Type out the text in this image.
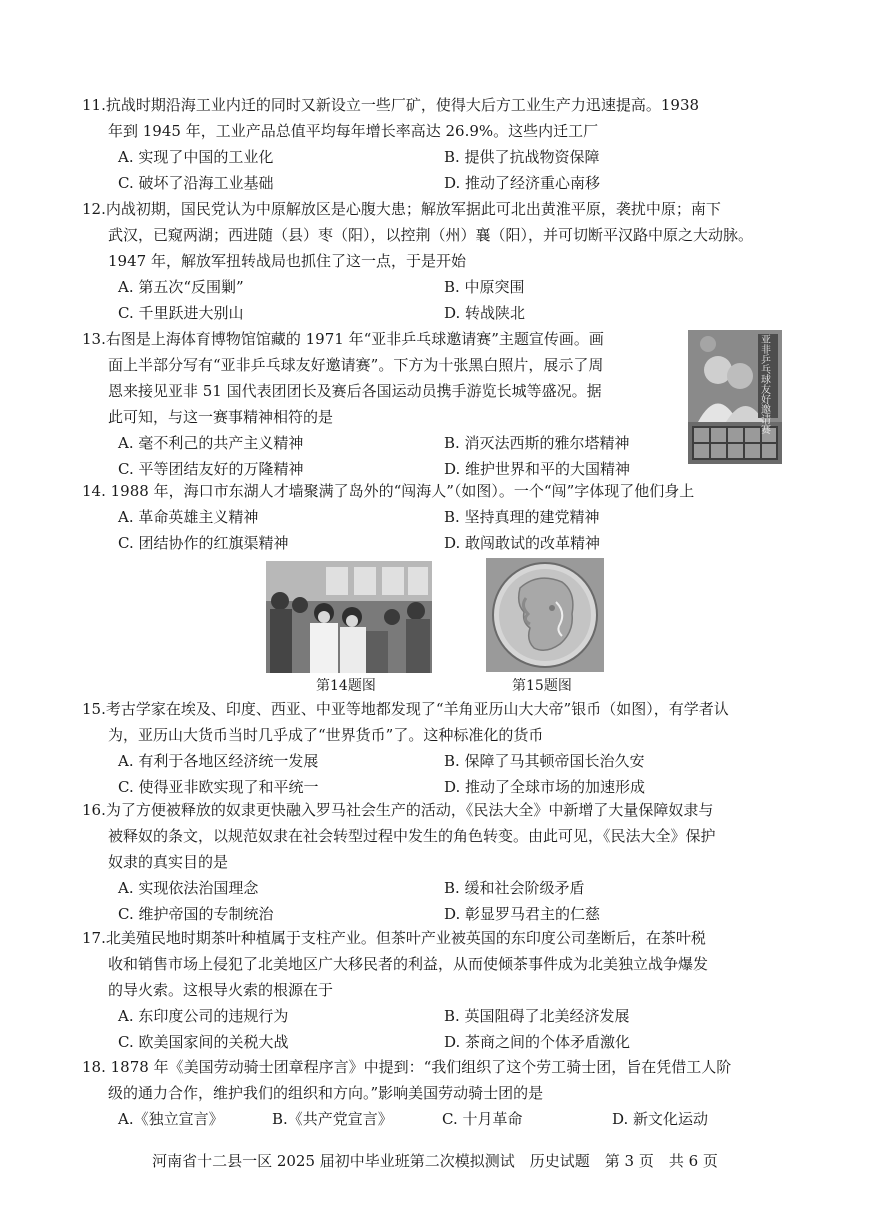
11.抗战时期沿海工业内迁的同时又新设立一些厂矿，使得大后方工业生产力迅速提高。1938
年到 1945 年，工业产品总值平均每年增长率高达 26.9%。这些内迁工厂
A. 实现了中国的工业化	B. 提供了抗战物资保障
C. 破坏了沿海工业基础	D. 推动了经济重心南移
12.内战初期，国民党认为中原解放区是心腹大患；解放军据此可北出黄淮平原，袭扰中原；南下
武汉，已窥两湖；西进随（县）枣（阳），以控荆（州）襄（阳），并可切断平汉路中原之大动脉。
1947 年，解放军扭转战局也抓住了这一点，于是开始
A. 第五次“反围剿”	B. 中原突围
C. 千里跃进大别山	D. 转战陕北
13.右图是上海体育博物馆馆藏的 1971 年“亚非乒乓球邀请赛”主题宣传画。画
面上半部分写有“亚非乒乓球友好邀请赛”。下方为十张黑白照片，展示了周
恩来接见亚非 51 国代表团团长及赛后各国运动员携手游览长城等盛况。据
此可知，与这一赛事精神相符的是
A. 毫不利己的共产主义精神	B. 消灭法西斯的雅尔塔精神
C. 平等团结友好的万隆精神	D. 维护世界和平的大国精神
亚非乒乓球友好邀请赛
14. 1988 年，海口市东湖人才墙聚满了岛外的“闯海人”（如图）。一个“闯”字体现了他们身上
A. 革命英雄主义精神	B. 坚持真理的建党精神
C. 团结协作的红旗渠精神	D. 敢闯敢试的改革精神
第14题图	第15题图
15.考古学家在埃及、印度、西亚、中亚等地都发现了“羊角亚历山大大帝”银币（如图），有学者认
为，亚历山大货币当时几乎成了“世界货币”了。这种标准化的货币
A. 有利于各地区经济统一发展	B. 保障了马其顿帝国长治久安
C. 使得亚非欧实现了和平统一	D. 推动了全球市场的加速形成
16.为了方便被释放的奴隶更快融入罗马社会生产的活动，《民法大全》中新增了大量保障奴隶与
被释奴的条文，以规范奴隶在社会转型过程中发生的角色转变。由此可见，《民法大全》保护
奴隶的真实目的是
A. 实现依法治国理念	B. 缓和社会阶级矛盾
C. 维护帝国的专制统治	D. 彰显罗马君主的仁慈
17.北美殖民地时期茶叶种植属于支柱产业。但茶叶产业被英国的东印度公司垄断后，在茶叶税
收和销售市场上侵犯了北美地区广大移民者的利益，从而使倾茶事件成为北美独立战争爆发
的导火索。这根导火索的根源在于
A. 东印度公司的违规行为	B. 英国阻碍了北美经济发展
C. 欧美国家间的关税大战	D. 茶商之间的个体矛盾激化
18. 1878 年《美国劳动骑士团章程序言》中提到：“我们组织了这个劳工骑士团，旨在凭借工人阶
级的通力合作，维护我们的组织和方向。”影响美国劳动骑士团的是
A.《独立宣言》	B.《共产党宣言》	C. 十月革命	D. 新文化运动
河南省十二县一区 2025 届初中毕业班第二次模拟测试　历史试题　第 3 页　共 6 页
